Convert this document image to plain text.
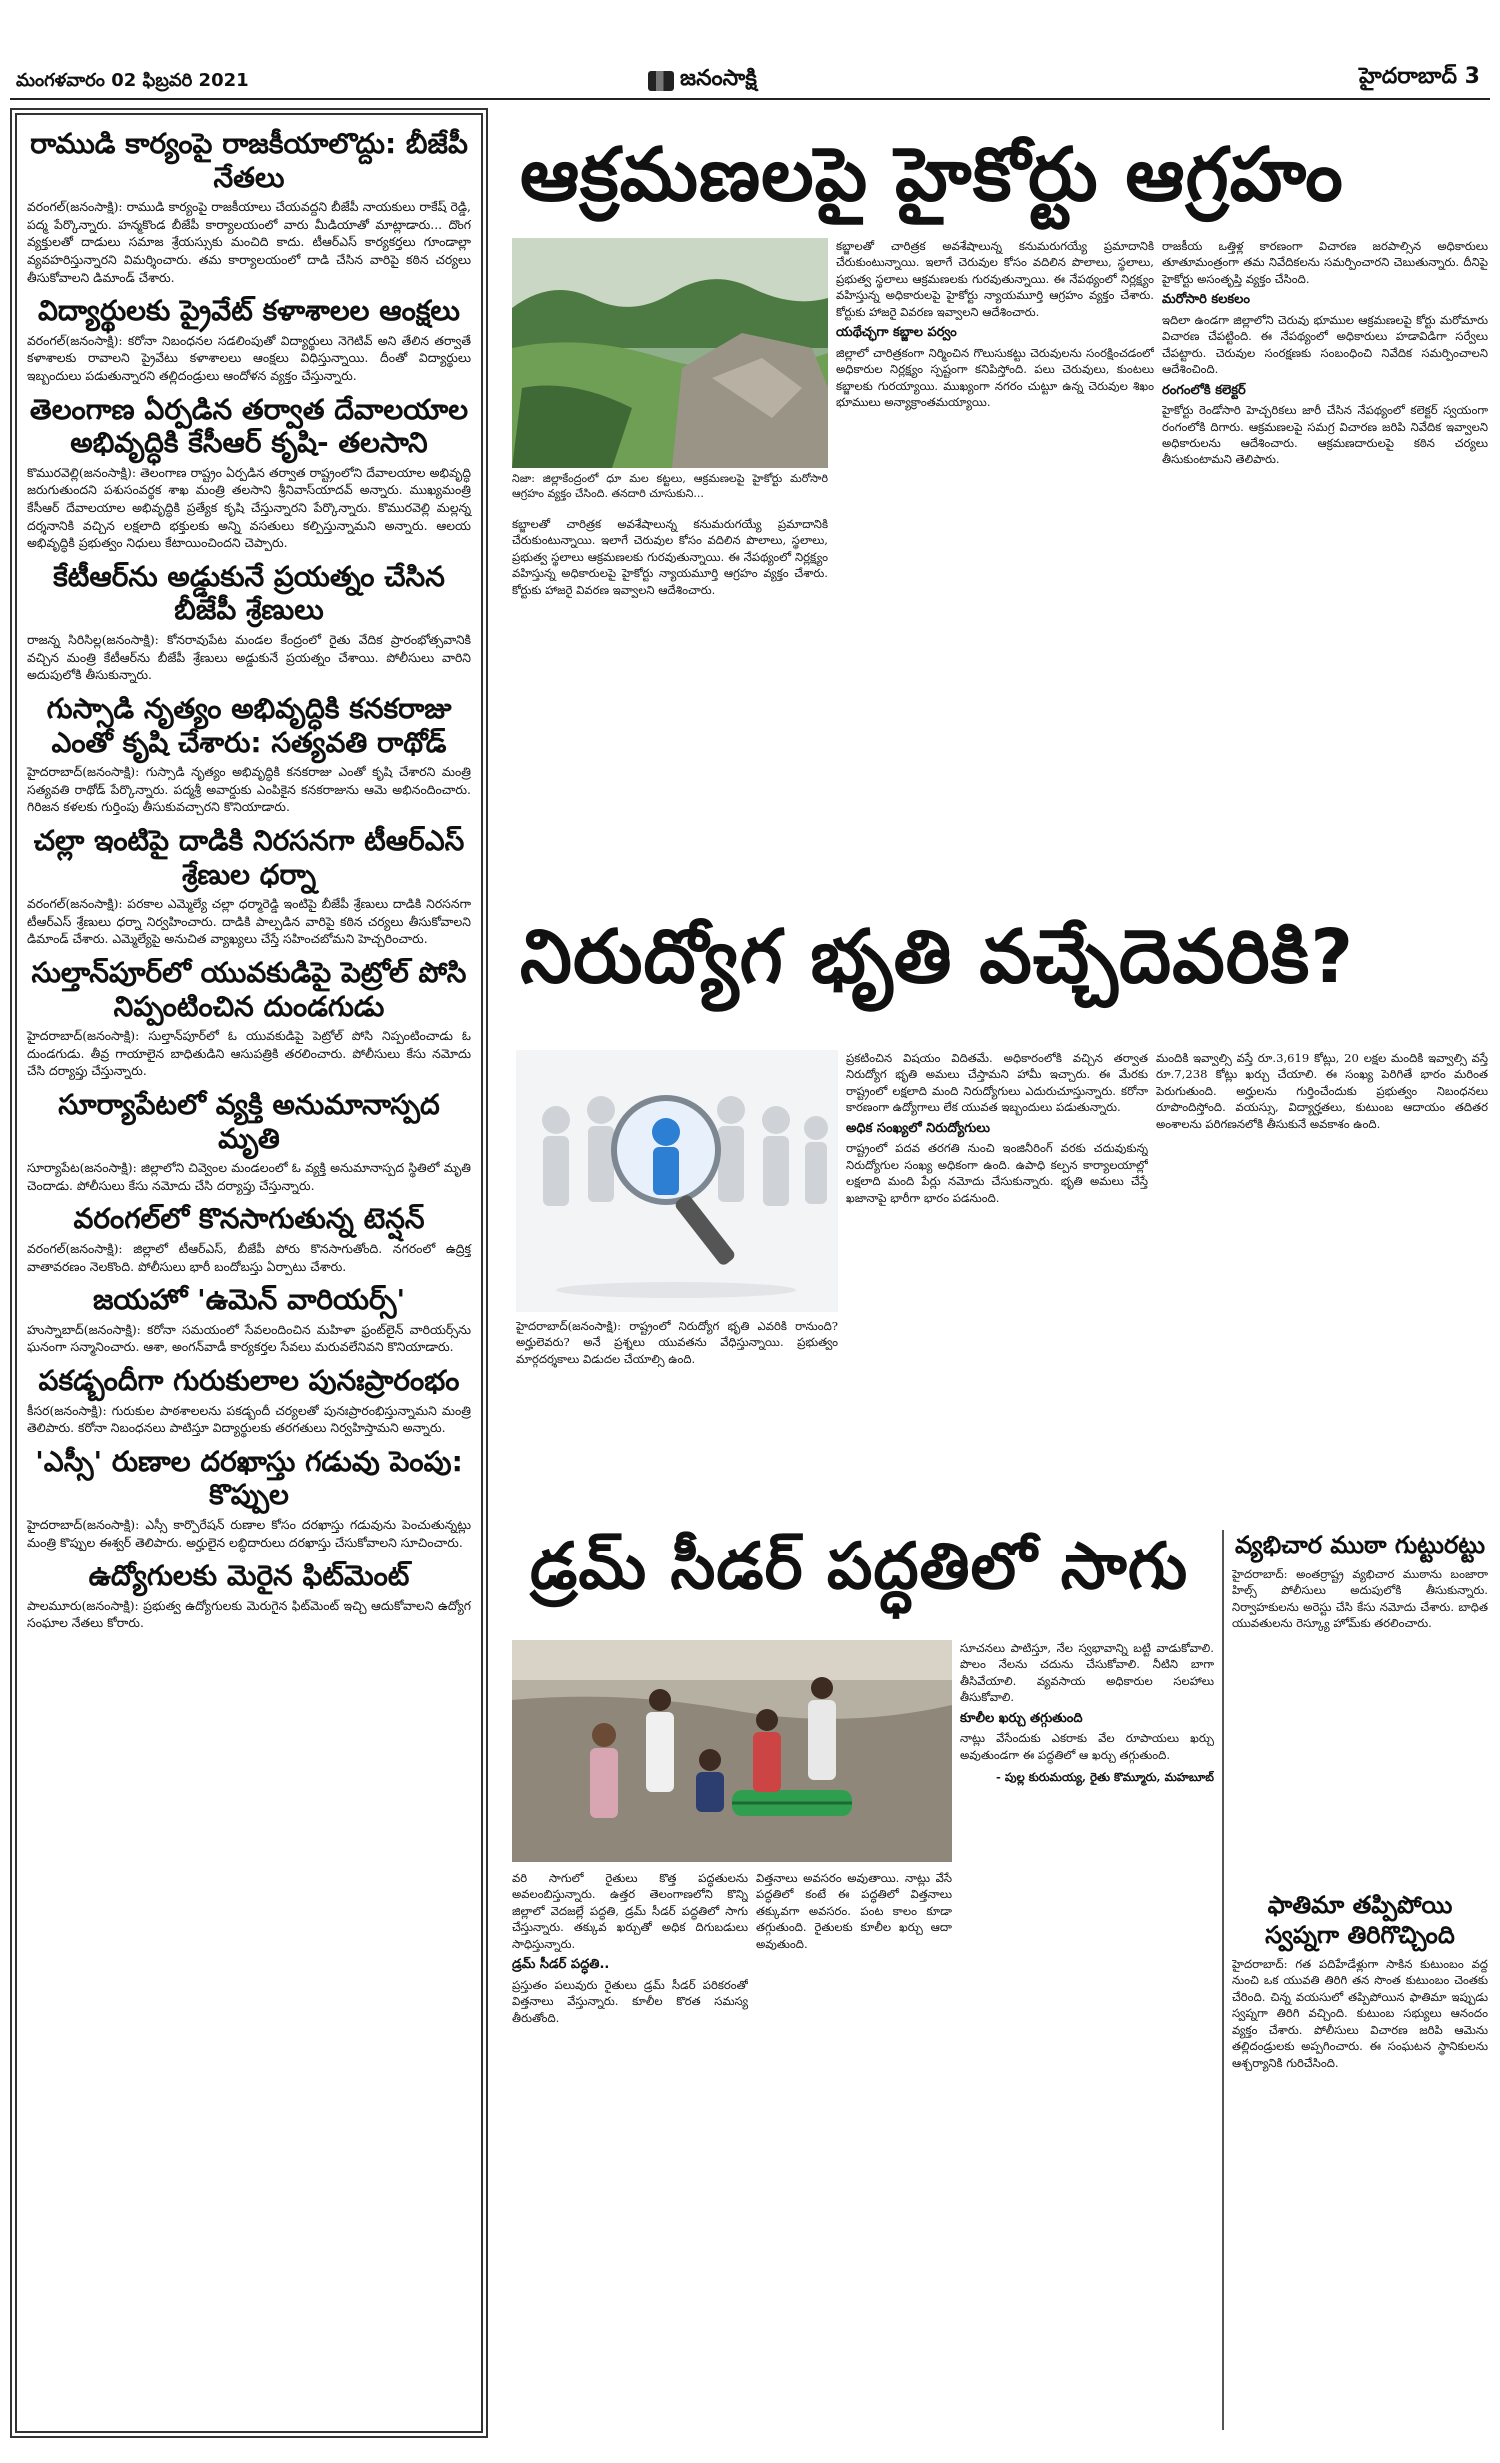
మంగళవారం 02 ఫిబ్రవరి 2021	జనంసాక్షి	హైదరాబాద్ 3
రాముడి కార్యంపై రాజకీయాలొద్దు: బీజేపీ నేతలు
వరంగల్‌(జనంసాక్షి): రాముడి కార్యంపై రాజకీయాలు చేయవద్దని బీజేపీ నాయకులు రాకేష్‌ రెడ్డి, పద్మ పేర్కొన్నారు. హన్మకొండ బీజేపీ కార్యాలయంలో వారు మీడియాతో మాట్లాడారు... దొంగ వ్యక్తులతో దాడులు సమాజ శ్రేయస్సుకు మంచిది కాదు. టీఆర్‌ఎస్‌ కార్యకర్తలు గూండాల్లా వ్యవహరిస్తున్నారని విమర్శించారు. తమ కార్యాలయంలో దాడి చేసిన వారిపై కఠిన చర్యలు తీసుకోవాలని డిమాండ్‌ చేశారు.
విద్యార్థులకు ప్రైవేట్‌ కళాశాలల ఆంక్షలు
వరంగల్‌(జనంసాక్షి): కరోనా నిబంధనల సడలింపుతో విద్యార్థులు నెగెటివ్‌ అని తేలిన తర్వాతే కళాశాలకు రావాలని ప్రైవేటు కళాశాలలు ఆంక్షలు విధిస్తున్నాయి. దీంతో విద్యార్థులు ఇబ్బందులు పడుతున్నారని తల్లిదండ్రులు ఆందోళన వ్యక్తం చేస్తున్నారు.
తెలంగాణ ఏర్పడిన తర్వాత దేవాలయాల అభివృద్ధికి కేసీఆర్‌ కృషి- తలసాని
కొమురవెల్లి(జనంసాక్షి): తెలంగాణ రాష్ట్రం ఏర్పడిన తర్వాత రాష్ట్రంలోని దేవాలయాల అభివృద్ధి జరుగుతుందని పశుసంవర్థక శాఖ మంత్రి తలసాని శ్రీనివాస్‌యాదవ్‌ అన్నారు. ముఖ్యమంత్రి కేసీఆర్‌ దేవాలయాల అభివృద్ధికి ప్రత్యేక కృషి చేస్తున్నారని పేర్కొన్నారు. కొమురవెల్లి మల్లన్న దర్శనానికి వచ్చిన లక్షలాది భక్తులకు అన్ని వసతులు కల్పిస్తున్నామని అన్నారు. ఆలయ అభివృద్ధికి ప్రభుత్వం నిధులు కేటాయించిందని చెప్పారు.
కేటీఆర్‌ను అడ్డుకునే ప్రయత్నం చేసిన బీజేపీ శ్రేణులు
రాజన్న సిరిసిల్ల(జనంసాక్షి): కోనరావుపేట మండల కేంద్రంలో రైతు వేదిక ప్రారంభోత్సవానికి వచ్చిన మంత్రి కేటీఆర్‌ను బీజేపీ శ్రేణులు అడ్డుకునే ప్రయత్నం చేశాయి. పోలీసులు వారిని అదుపులోకి తీసుకున్నారు.
గుస్సాడి నృత్యం అభివృద్ధికి కనకరాజు ఎంతో కృషి చేశారు: సత్యవతి రాథోడ్‌
హైదరాబాద్‌(జనంసాక్షి): గుస్సాడి నృత్యం అభివృద్ధికి కనకరాజు ఎంతో కృషి చేశారని మంత్రి సత్యవతి రాథోడ్‌ పేర్కొన్నారు. పద్మశ్రీ అవార్డుకు ఎంపికైన కనకరాజును ఆమె అభినందించారు. గిరిజన కళలకు గుర్తింపు తీసుకువచ్చారని కొనియాడారు.
చల్లా ఇంటిపై దాడికి నిరసనగా టీఆర్‌ఎస్‌ శ్రేణుల ధర్నా
వరంగల్‌(జనంసాక్షి): పరకాల ఎమ్మెల్యే చల్లా ధర్మారెడ్డి ఇంటిపై బీజేపీ శ్రేణులు దాడికి నిరసనగా టీఆర్‌ఎస్‌ శ్రేణులు ధర్నా నిర్వహించారు. దాడికి పాల్పడిన వారిపై కఠిన చర్యలు తీసుకోవాలని డిమాండ్‌ చేశారు. ఎమ్మెల్యేపై అనుచిత వ్యాఖ్యలు చేస్తే సహించబోమని హెచ్చరించారు.
సుల్తాన్‌పూర్‌లో యువకుడిపై పెట్రోల్‌ పోసి నిప్పంటించిన దుండగుడు
హైదరాబాద్‌(జనంసాక్షి): సుల్తాన్‌పూర్‌లో ఓ యువకుడిపై పెట్రోల్‌ పోసి నిప్పంటించాడు ఓ దుండగుడు. తీవ్ర గాయాలైన బాధితుడిని ఆసుపత్రికి తరలించారు. పోలీసులు కేసు నమోదు చేసి దర్యాప్తు చేస్తున్నారు.
సూర్యాపేటలో వ్యక్తి అనుమానాస్పద మృతి
సూర్యాపేట(జనంసాక్షి): జిల్లాలోని చివ్వెంల మండలంలో ఓ వ్యక్తి అనుమానాస్పద స్థితిలో మృతి చెందాడు. పోలీసులు కేసు నమోదు చేసి దర్యాప్తు చేస్తున్నారు.
వరంగల్‌లో కొనసాగుతున్న టెన్షన్‌
వరంగల్‌(జనంసాక్షి): జిల్లాలో టీఆర్‌ఎస్‌, బీజేపీ పోరు కొనసాగుతోంది. నగరంలో ఉద్రిక్త వాతావరణం నెలకొంది. పోలీసులు భారీ బందోబస్తు ఏర్పాటు చేశారు.
జయహో 'ఉమెన్‌ వారియర్స్‌'
హుస్నాబాద్‌(జనంసాక్షి): కరోనా సమయంలో సేవలందించిన మహిళా ఫ్రంట్‌లైన్‌ వారియర్స్‌ను ఘనంగా సన్మానించారు. ఆశా, అంగన్‌వాడీ కార్యకర్తల సేవలు మరువలేనివని కొనియాడారు.
పకడ్బందీగా గురుకులాల పునఃప్రారంభం
కీసర(జనంసాక్షి): గురుకుల పాఠశాలలను పకడ్బందీ చర్యలతో పునఃప్రారంభిస్తున్నామని మంత్రి తెలిపారు. కరోనా నిబంధనలు పాటిస్తూ విద్యార్థులకు తరగతులు నిర్వహిస్తామని అన్నారు.
'ఎస్సీ' రుణాల దరఖాస్తు గడువు పెంపు: కొప్పుల
హైదరాబాద్‌(జనంసాక్షి): ఎస్సీ కార్పొరేషన్‌ రుణాల కోసం దరఖాస్తు గడువును పెంచుతున్నట్లు మంత్రి కొప్పుల ఈశ్వర్‌ తెలిపారు. అర్హులైన లబ్ధిదారులు దరఖాస్తు చేసుకోవాలని సూచించారు.
ఉద్యోగులకు మెరైన ఫిట్‌మెంట్‌
పాలమూరు(జనంసాక్షి): ప్రభుత్వ ఉద్యోగులకు మెరుగైన ఫిట్‌మెంట్‌ ఇచ్చి ఆదుకోవాలని ఉద్యోగ సంఘాల నేతలు కోరారు.
ఆక్రమణలపై హైకోర్టు ఆగ్రహం
నిజా: జిల్లాకేంద్రంలో ధూ మల కట్టలు, ఆక్రమణలపై హైకోర్టు మరోసారి ఆగ్రహం వ్యక్తం చేసింది. తనదారి చూసుకుని...
కబ్జాలతో చారిత్రక అవశేషాలున్న కనుమరుగయ్యే ప్రమాదానికి చేరుకుంటున్నాయి. ఇలాగే చెరువుల కోసం వదిలిన పొలాలు, స్థలాలు, ప్రభుత్వ స్థలాలు ఆక్రమణలకు గురవుతున్నాయి. ఈ నేపథ్యంలో నిర్లక్ష్యం వహిస్తున్న అధికారులపై హైకోర్టు న్యాయమూర్తి ఆగ్రహం వ్యక్తం చేశారు. కోర్టుకు హాజరై వివరణ ఇవ్వాలని ఆదేశించారు.
కబ్జాలతో చారిత్రక అవశేషాలున్న కనుమరుగయ్యే ప్రమాదానికి చేరుకుంటున్నాయి. ఇలాగే చెరువుల కోసం వదిలిన పొలాలు, స్థలాలు, ప్రభుత్వ స్థలాలు ఆక్రమణలకు గురవుతున్నాయి. ఈ నేపథ్యంలో నిర్లక్ష్యం వహిస్తున్న అధికారులపై హైకోర్టు న్యాయమూర్తి ఆగ్రహం వ్యక్తం చేశారు. కోర్టుకు హాజరై వివరణ ఇవ్వాలని ఆదేశించారు.
యథేచ్ఛగా కబ్జాల పర్వం
జిల్లాలో చారిత్రకంగా నిర్మించిన గొలుసుకట్టు చెరువులను సంరక్షించడంలో అధికారుల నిర్లక్ష్యం స్పష్టంగా కనిపిస్తోంది. పలు చెరువులు, కుంటలు కబ్జాలకు గురయ్యాయి. ముఖ్యంగా నగరం చుట్టూ ఉన్న చెరువుల శిఖం భూములు అన్యాక్రాంతమయ్యాయి.
రాజకీయ ఒత్తిళ్ల కారణంగా విచారణ జరపాల్సిన అధికారులు తూతూమంత్రంగా తమ నివేదికలను సమర్పించారని చెబుతున్నారు. దీనిపై హైకోర్టు అసంతృప్తి వ్యక్తం చేసింది.
మరోసారి కలకలం
ఇదిలా ఉండగా జిల్లాలోని చెరువు భూముల ఆక్రమణలపై కోర్టు మరోమారు విచారణ చేపట్టింది. ఈ నేపథ్యంలో అధికారులు హడావిడిగా సర్వేలు చేపట్టారు. చెరువుల సంరక్షణకు సంబంధించి నివేదిక సమర్పించాలని ఆదేశించింది.
రంగంలోకి కలెక్టర్‌
హైకోర్టు రెండోసారి హెచ్చరికలు జారీ చేసిన నేపథ్యంలో కలెక్టర్‌ స్వయంగా రంగంలోకి దిగారు. ఆక్రమణలపై సమగ్ర విచారణ జరిపి నివేదిక ఇవ్వాలని అధికారులను ఆదేశించారు. ఆక్రమణదారులపై కఠిన చర్యలు తీసుకుంటామని తెలిపారు.
నిరుద్యోగ భృతి వచ్చేదెవరికి?
ప్రకటించిన విషయం విదితమే. అధికారంలోకి వచ్చిన తర్వాత నిరుద్యోగ భృతి అమలు చేస్తామని హామీ ఇచ్చారు. ఈ మేరకు రాష్ట్రంలో లక్షలాది మంది నిరుద్యోగులు ఎదురుచూస్తున్నారు. కరోనా కారణంగా ఉద్యోగాలు లేక యువత ఇబ్బందులు పడుతున్నారు.
అధిక సంఖ్యలో నిరుద్యోగులు
రాష్ట్రంలో పదవ తరగతి నుంచి ఇంజినీరింగ్‌ వరకు చదువుకున్న నిరుద్యోగుల సంఖ్య అధికంగా ఉంది. ఉపాధి కల్పన కార్యాలయాల్లో లక్షలాది మంది పేర్లు నమోదు చేసుకున్నారు. భృతి అమలు చేస్తే ఖజానాపై భారీగా భారం పడనుంది.
హైదరాబాద్‌(జనంసాక్షి): రాష్ట్రంలో నిరుద్యోగ భృతి ఎవరికి రానుంది? అర్హులెవరు? అనే ప్రశ్నలు యువతను వేధిస్తున్నాయి. ప్రభుత్వం మార్గదర్శకాలు విడుదల చేయాల్సి ఉంది.
మందికి ఇవ్వాల్సి వస్తే రూ.3,619 కోట్లు, 20 లక్షల మందికి ఇవ్వాల్సి వస్తే రూ.7,238 కోట్లు ఖర్చు చేయాలి. ఈ సంఖ్య పెరిగితే భారం మరింత పెరుగుతుంది. అర్హులను గుర్తించేందుకు ప్రభుత్వం నిబంధనలు రూపొందిస్తోంది. వయస్సు, విద్యార్హతలు, కుటుంబ ఆదాయం తదితర అంశాలను పరిగణనలోకి తీసుకునే అవకాశం ఉంది.
డ్రమ్‌ సీడర్‌ పద్ధతిలో సాగు
వరి సాగులో రైతులు కొత్త పద్ధతులను అవలంబిస్తున్నారు. ఉత్తర తెలంగాణలోని కొన్ని జిల్లాలో వెదజల్లే పద్ధతి, డ్రమ్‌ సీడర్‌ పద్ధతిలో సాగు చేస్తున్నారు. తక్కువ ఖర్చుతో అధిక దిగుబడులు సాధిస్తున్నారు.
డ్రమ్‌ సీడర్‌ పద్ధతి..
ప్రస్తుతం పలువురు రైతులు డ్రమ్‌ సీడర్‌ పరికరంతో విత్తనాలు వేస్తున్నారు. కూలీల కొరత సమస్య తీరుతోంది.
విత్తనాలు అవసరం అవుతాయి. నాట్లు వేసే పద్ధతిలో కంటే ఈ పద్ధతిలో విత్తనాలు తక్కువగా అవసరం. పంట కాలం కూడా తగ్గుతుంది. రైతులకు కూలీల ఖర్చు ఆదా అవుతుంది.
సూచనలు పాటిస్తూ, నేల స్వభావాన్ని బట్టి వాడుకోవాలి. పొలం నేలను చదును చేసుకోవాలి. నీటిని బాగా తీసివేయాలి. వ్యవసాయ అధికారుల సలహాలు తీసుకోవాలి.
కూలీల ఖర్చు తగ్గుతుంది
నాట్లు వేసేందుకు ఎకరాకు వేల రూపాయలు ఖర్చు అవుతుండగా ఈ పద్ధతిలో ఆ ఖర్చు తగ్గుతుంది.
- పుల్ల కురుమయ్య, రైతు కొమ్మూరు, మహబూబ్‌
వ్యభిచార ముఠా గుట్టురట్టు
హైదరాబాద్‌: అంతర్రాష్ట్ర వ్యభిచార ముఠాను బంజారా హిల్స్‌ పోలీసులు అదుపులోకి తీసుకున్నారు. నిర్వాహకులను అరెస్టు చేసి కేసు నమోదు చేశారు. బాధిత యువతులను రెస్క్యూ హోమ్‌కు తరలించారు.
ఫాతిమా తప్పిపోయి స్వప్నగా తిరిగొచ్చింది
హైదరాబాద్‌: గత పదిహేడేళ్లుగా సాకిన కుటుంబం వద్ద నుంచి ఒక యువతి తిరిగి తన సొంత కుటుంబం చెంతకు చేరింది. చిన్న వయసులో తప్పిపోయిన ఫాతిమా ఇప్పుడు స్వప్నగా తిరిగి వచ్చింది. కుటుంబ సభ్యులు ఆనందం వ్యక్తం చేశారు. పోలీసులు విచారణ జరిపి ఆమెను తల్లిదండ్రులకు అప్పగించారు. ఈ సంఘటన స్థానికులను ఆశ్చర్యానికి గురిచేసింది.
